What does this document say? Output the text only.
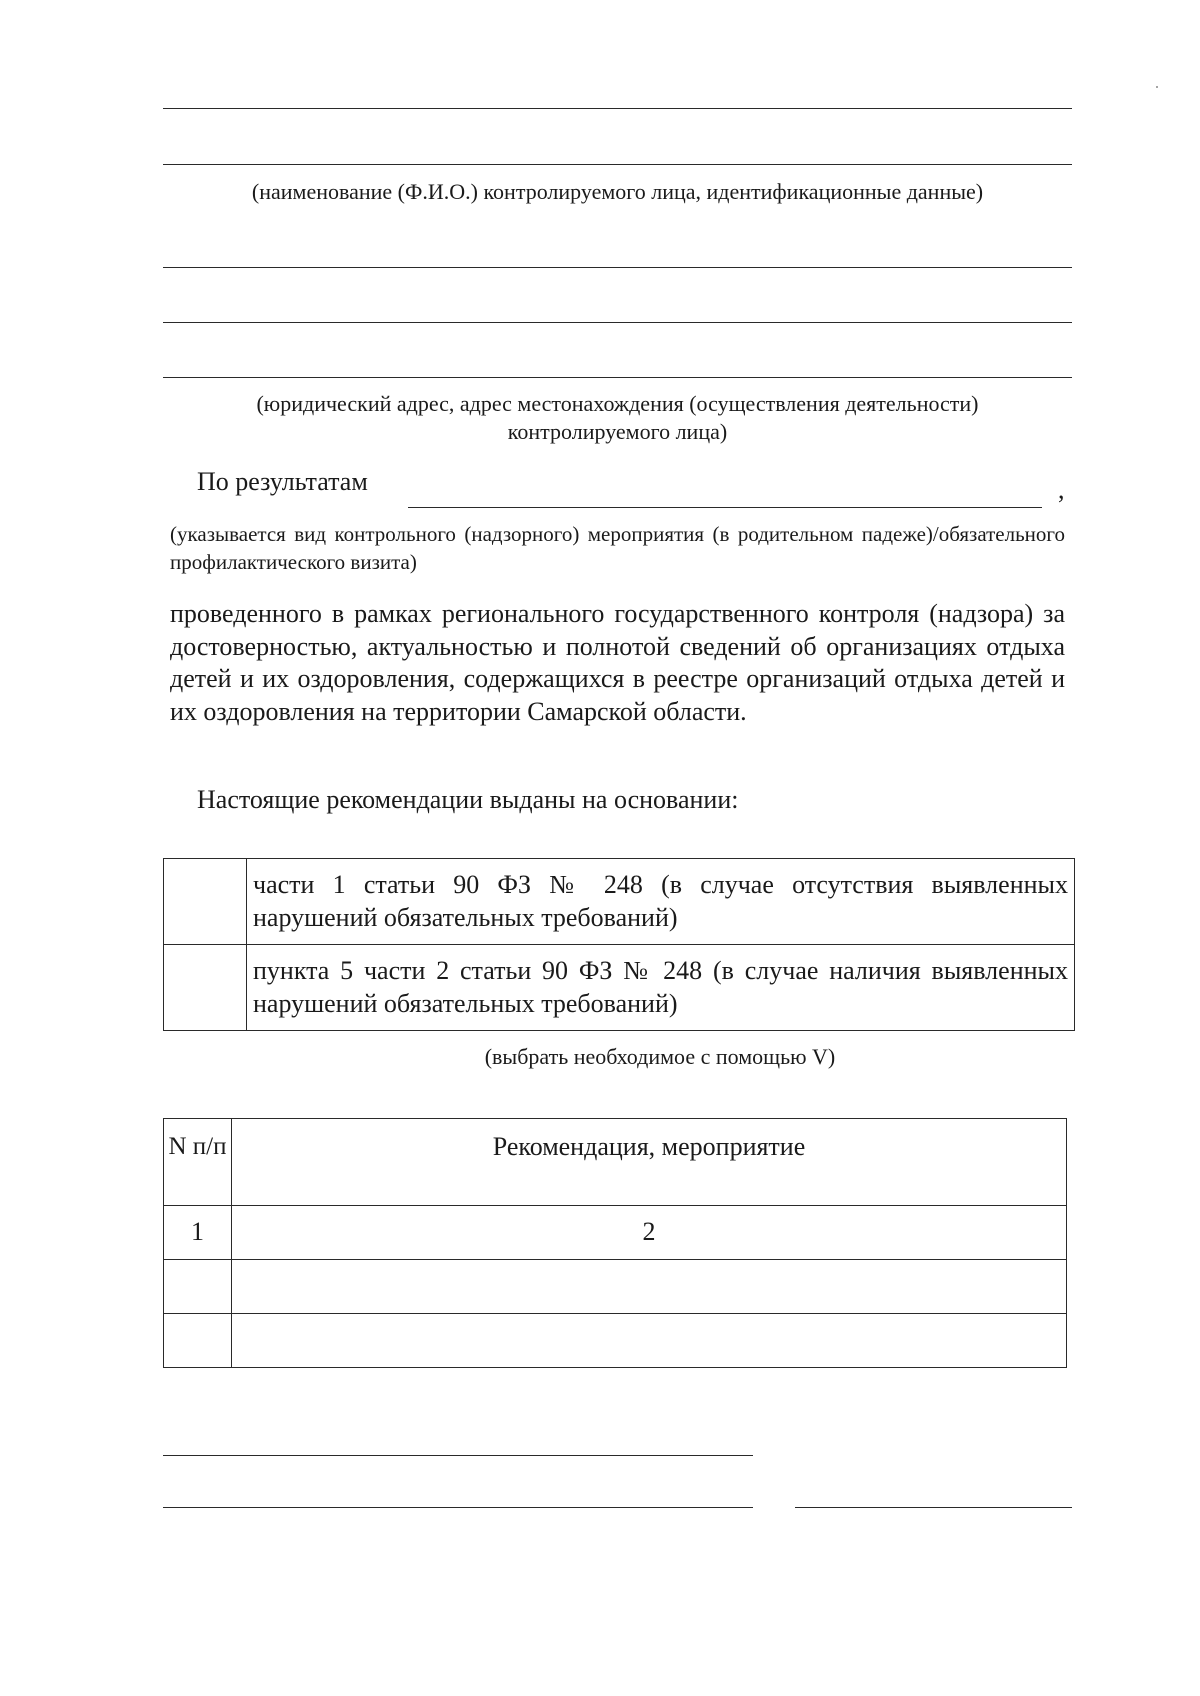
(наименование (Ф.И.О.) контролируемого лица, идентификационные данные)
(юридический адрес, адрес местонахождения (осуществления деятельности)
контролируемого лица)
По результатам	,
(указывается вид контрольного (надзорного) мероприятия (в родительном падеже)/обязательного профилактического визита)
проведенного в рамках регионального государственного контроля (надзора) за достоверностью, актуальностью и полнотой сведений об организациях отдыха детей и их оздоровления, содержащихся в реестре организаций отдыха детей и их оздоровления на территории Самарской области.
Настоящие рекомендации выданы на основании:
	части 1 статьи 90 ФЗ № 248 (в случае отсутствия выявленных нарушений обязательных требований)
	пункта 5 части 2 статьи 90 ФЗ № 248 (в случае наличия выявленных нарушений обязательных требований)
(выбрать необходимое с помощью V)
N п/п	Рекомендация, мероприятие
1	2
